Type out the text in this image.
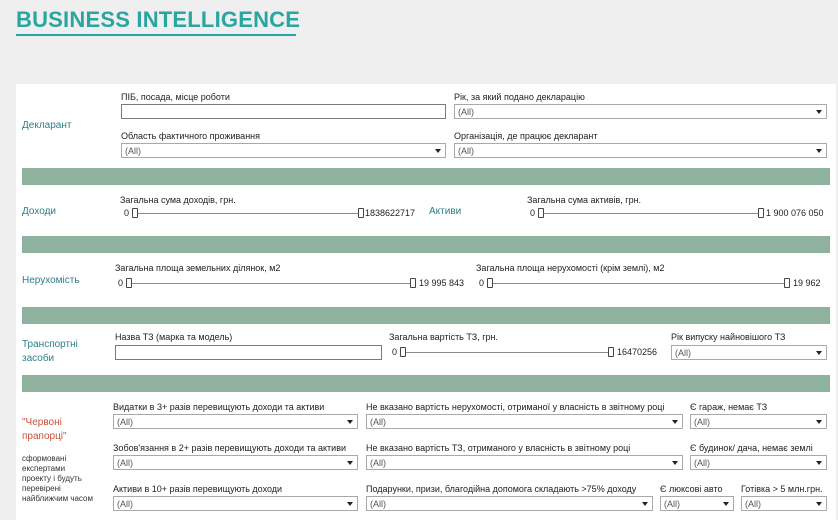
BUSINESS INTELLIGENCE
Декларант
ПІБ, посада, місце роботи	Рік, за який подано декларацію
(All)
Область фактичного проживання
(All)
Організація, де працює декларант
(All)
Доходи
Загальна сума доходів, грн.
0	1838622717 Активи
Загальна сума активів, грн.
0	1 900 076 050
Нерухомість
Загальна площа земельних ділянок, м2
0	19 995 843
Загальна площа нерухомості (крім землі), м2
0	19 962
Транспортні
засоби
Назва ТЗ (марка та модель)	Загальна вартість ТЗ, грн.
0	16470256
Рік випуску найновішого ТЗ
(All)
"Червоні
прапорці"
сформовані
експертами
проекту і будуть
перевірені
найближчим часом
Видатки в 3+ разів перевищують доходи та активи
(All)
Не вказано вартість нерухомості, отриманої у власність в звітному році
(All)
Є гараж, немає ТЗ
(All)
Зобов'язання в 2+ разів перевищують доходи та активи
(All)
Не вказано вартість ТЗ, отриманого у власність в звітному році
(All)
Є будинок/ дача, немає землі
(All)
Активи в 10+ разів перевищують доходи
(All)
Подарунки, призи, благодійна допомога складають >75% доходу
(All)
Є люксові авто
(All)
Готівка > 5 млн.грн.
(All)
